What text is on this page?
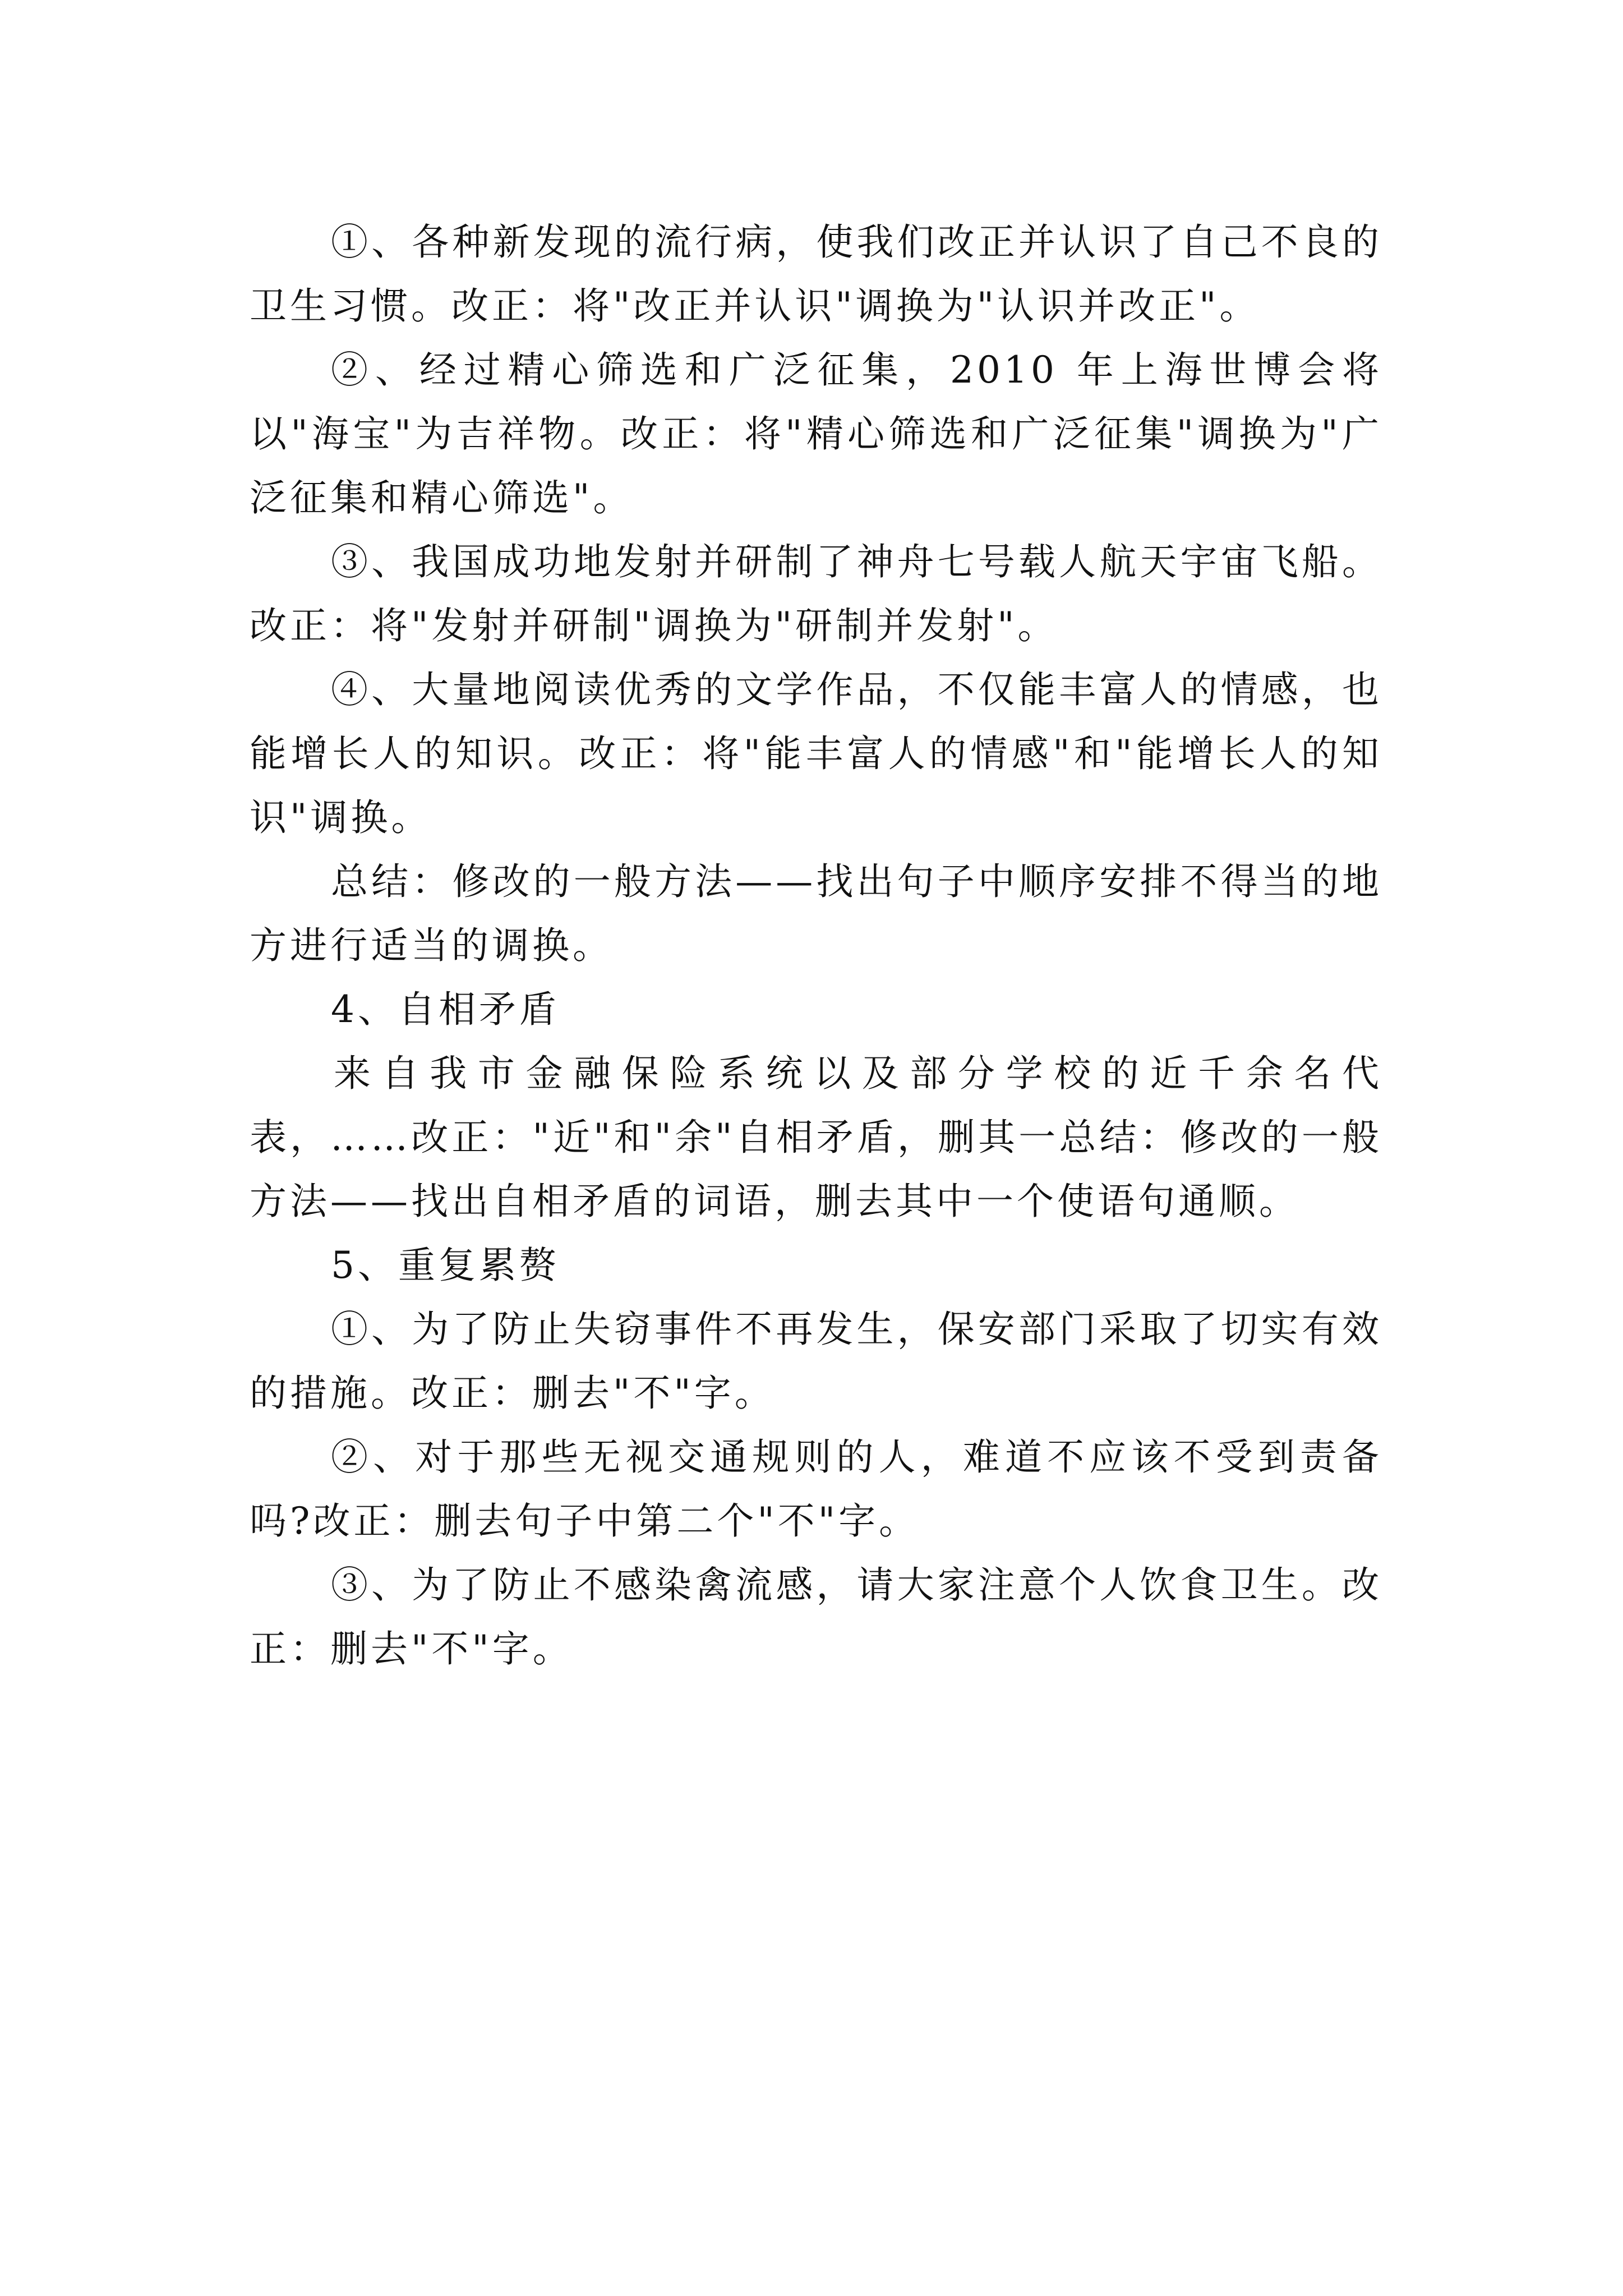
①、各种新发现的流行病，使我们改正并认识了自己不良的卫生习惯。改正：将"改正并认识"调换为"认识并改正"。

②、经过精心筛选和广泛征集，2010 年上海世博会将以"海宝"为吉祥物。改正：将"精心筛选和广泛征集"调换为"广泛征集和精心筛选"。

③、我国成功地发射并研制了神舟七号载人航天宇宙飞船。改正：将"发射并研制"调换为"研制并发射"。

④、大量地阅读优秀的文学作品，不仅能丰富人的情感，也能增长人的知识。改正：将"能丰富人的情感"和"能增长人的知识"调换。

总结：修改的一般方法——找出句子中顺序安排不得当的地方进行适当的调换。

4、自相矛盾

来自我市金融保险系统以及部分学校的近千余名代表，……改正："近"和"余"自相矛盾，删其一总结：修改的一般方法——找出自相矛盾的词语，删去其中一个使语句通顺。

5、重复累赘

①、为了防止失窃事件不再发生，保安部门采取了切实有效的措施。改正：删去"不"字。

②、对于那些无视交通规则的人，难道不应该不受到责备吗?改正：删去句子中第二个"不"字。

③、为了防止不感染禽流感，请大家注意个人饮食卫生。改正：删去"不"字。
